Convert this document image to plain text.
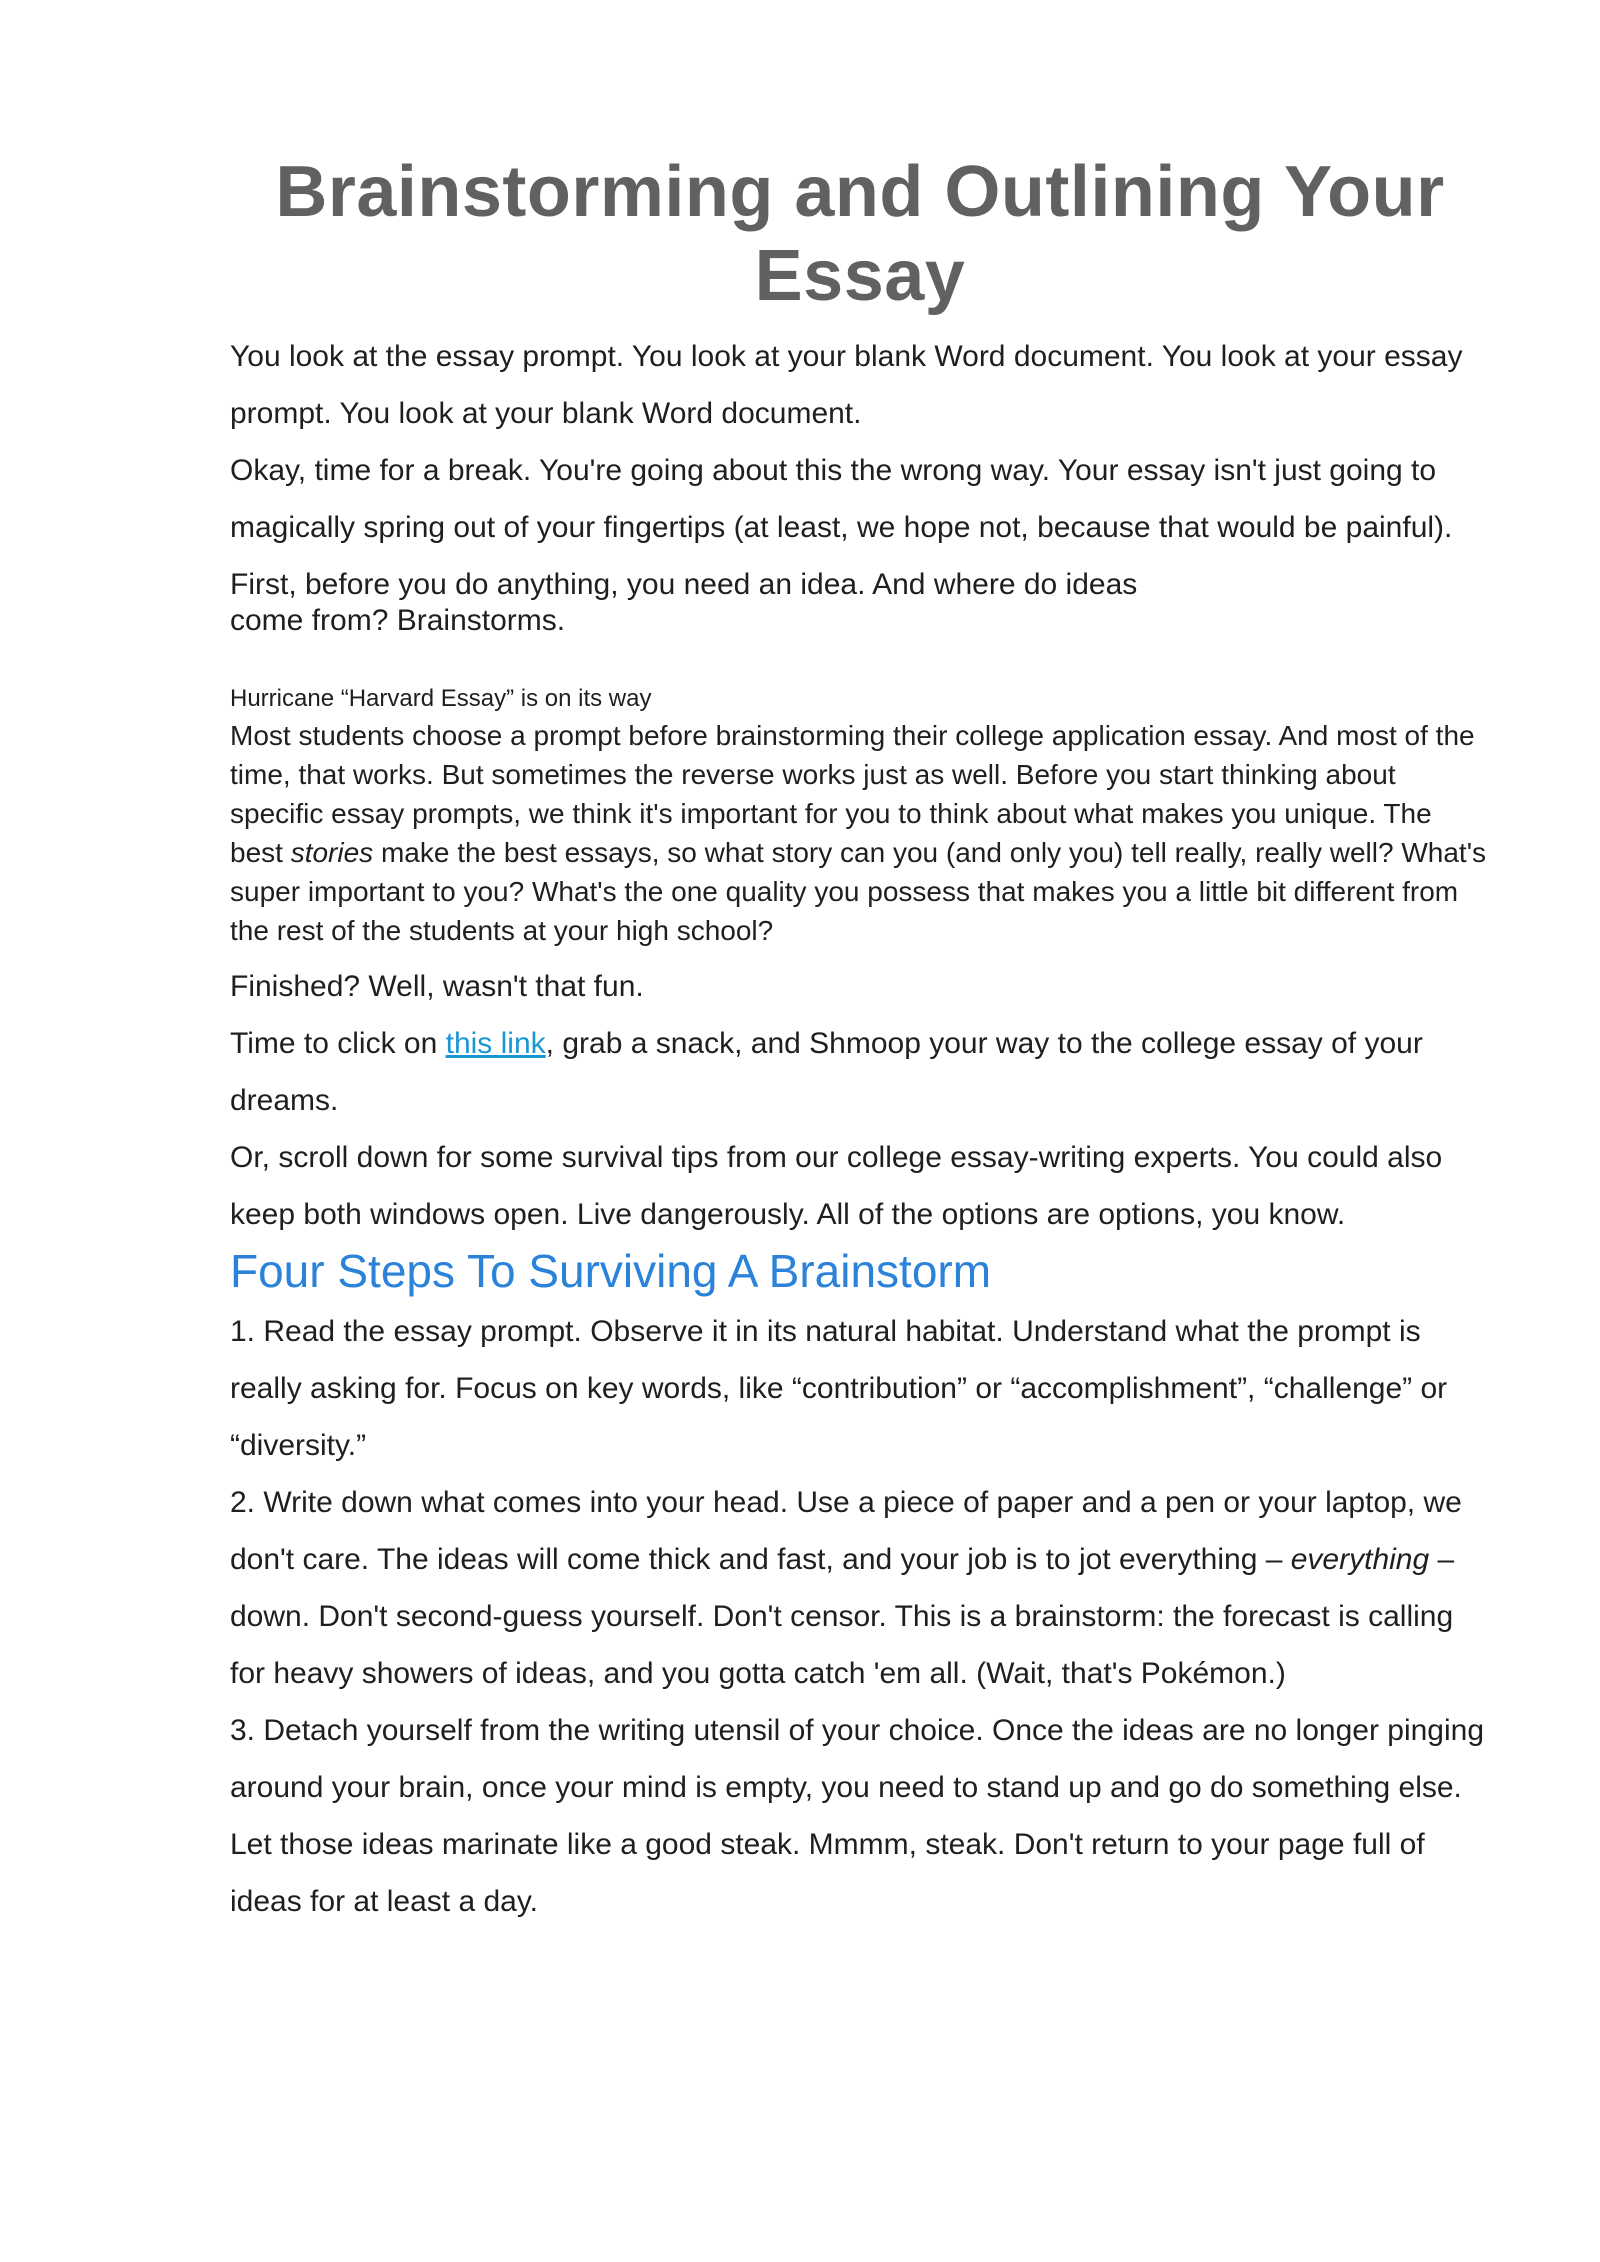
Brainstorming and Outlining Your Essay

You look at the essay prompt. You look at your blank Word document. You look at your essay prompt. You look at your blank Word document.

Okay, time for a break. You're going about this the wrong way. Your essay isn't just going to magically spring out of your fingertips (at least, we hope not, because that would be painful). First, before you do anything, you need an idea. And where do ideas
come from? Brainstorms.

Hurricane “Harvard Essay” is on its way

Most students choose a prompt before brainstorming their college application essay. And most of the time, that works. But sometimes the reverse works just as well. Before you start thinking about specific essay prompts, we think it's important for you to think about what makes you unique. The best stories make the best essays, so what story can you (and only you) tell really, really well? What's super important to you? What's the one quality you possess that makes you a little bit different from the rest of the students at your high school?

Finished? Well, wasn't that fun.

Time to click on this link, grab a snack, and Shmoop your way to the college essay of your dreams.

Or, scroll down for some survival tips from our college essay-writing experts. You could also keep both windows open. Live dangerously. All of the options are options, you know.

Four Steps To Surviving A Brainstorm

1. Read the essay prompt. Observe it in its natural habitat. Understand what the prompt is really asking for. Focus on key words, like “contribution” or “accomplishment”, “challenge” or “diversity.”

2. Write down what comes into your head. Use a piece of paper and a pen or your laptop, we don't care. The ideas will come thick and fast, and your job is to jot everything – everything – down. Don't second-guess yourself. Don't censor. This is a brainstorm: the forecast is calling for heavy showers of ideas, and you gotta catch 'em all. (Wait, that's Pokémon.)

3. Detach yourself from the writing utensil of your choice. Once the ideas are no longer pinging around your brain, once your mind is empty, you need to stand up and go do something else. Let those ideas marinate like a good steak. Mmmm, steak. Don't return to your page full of ideas for at least a day.
